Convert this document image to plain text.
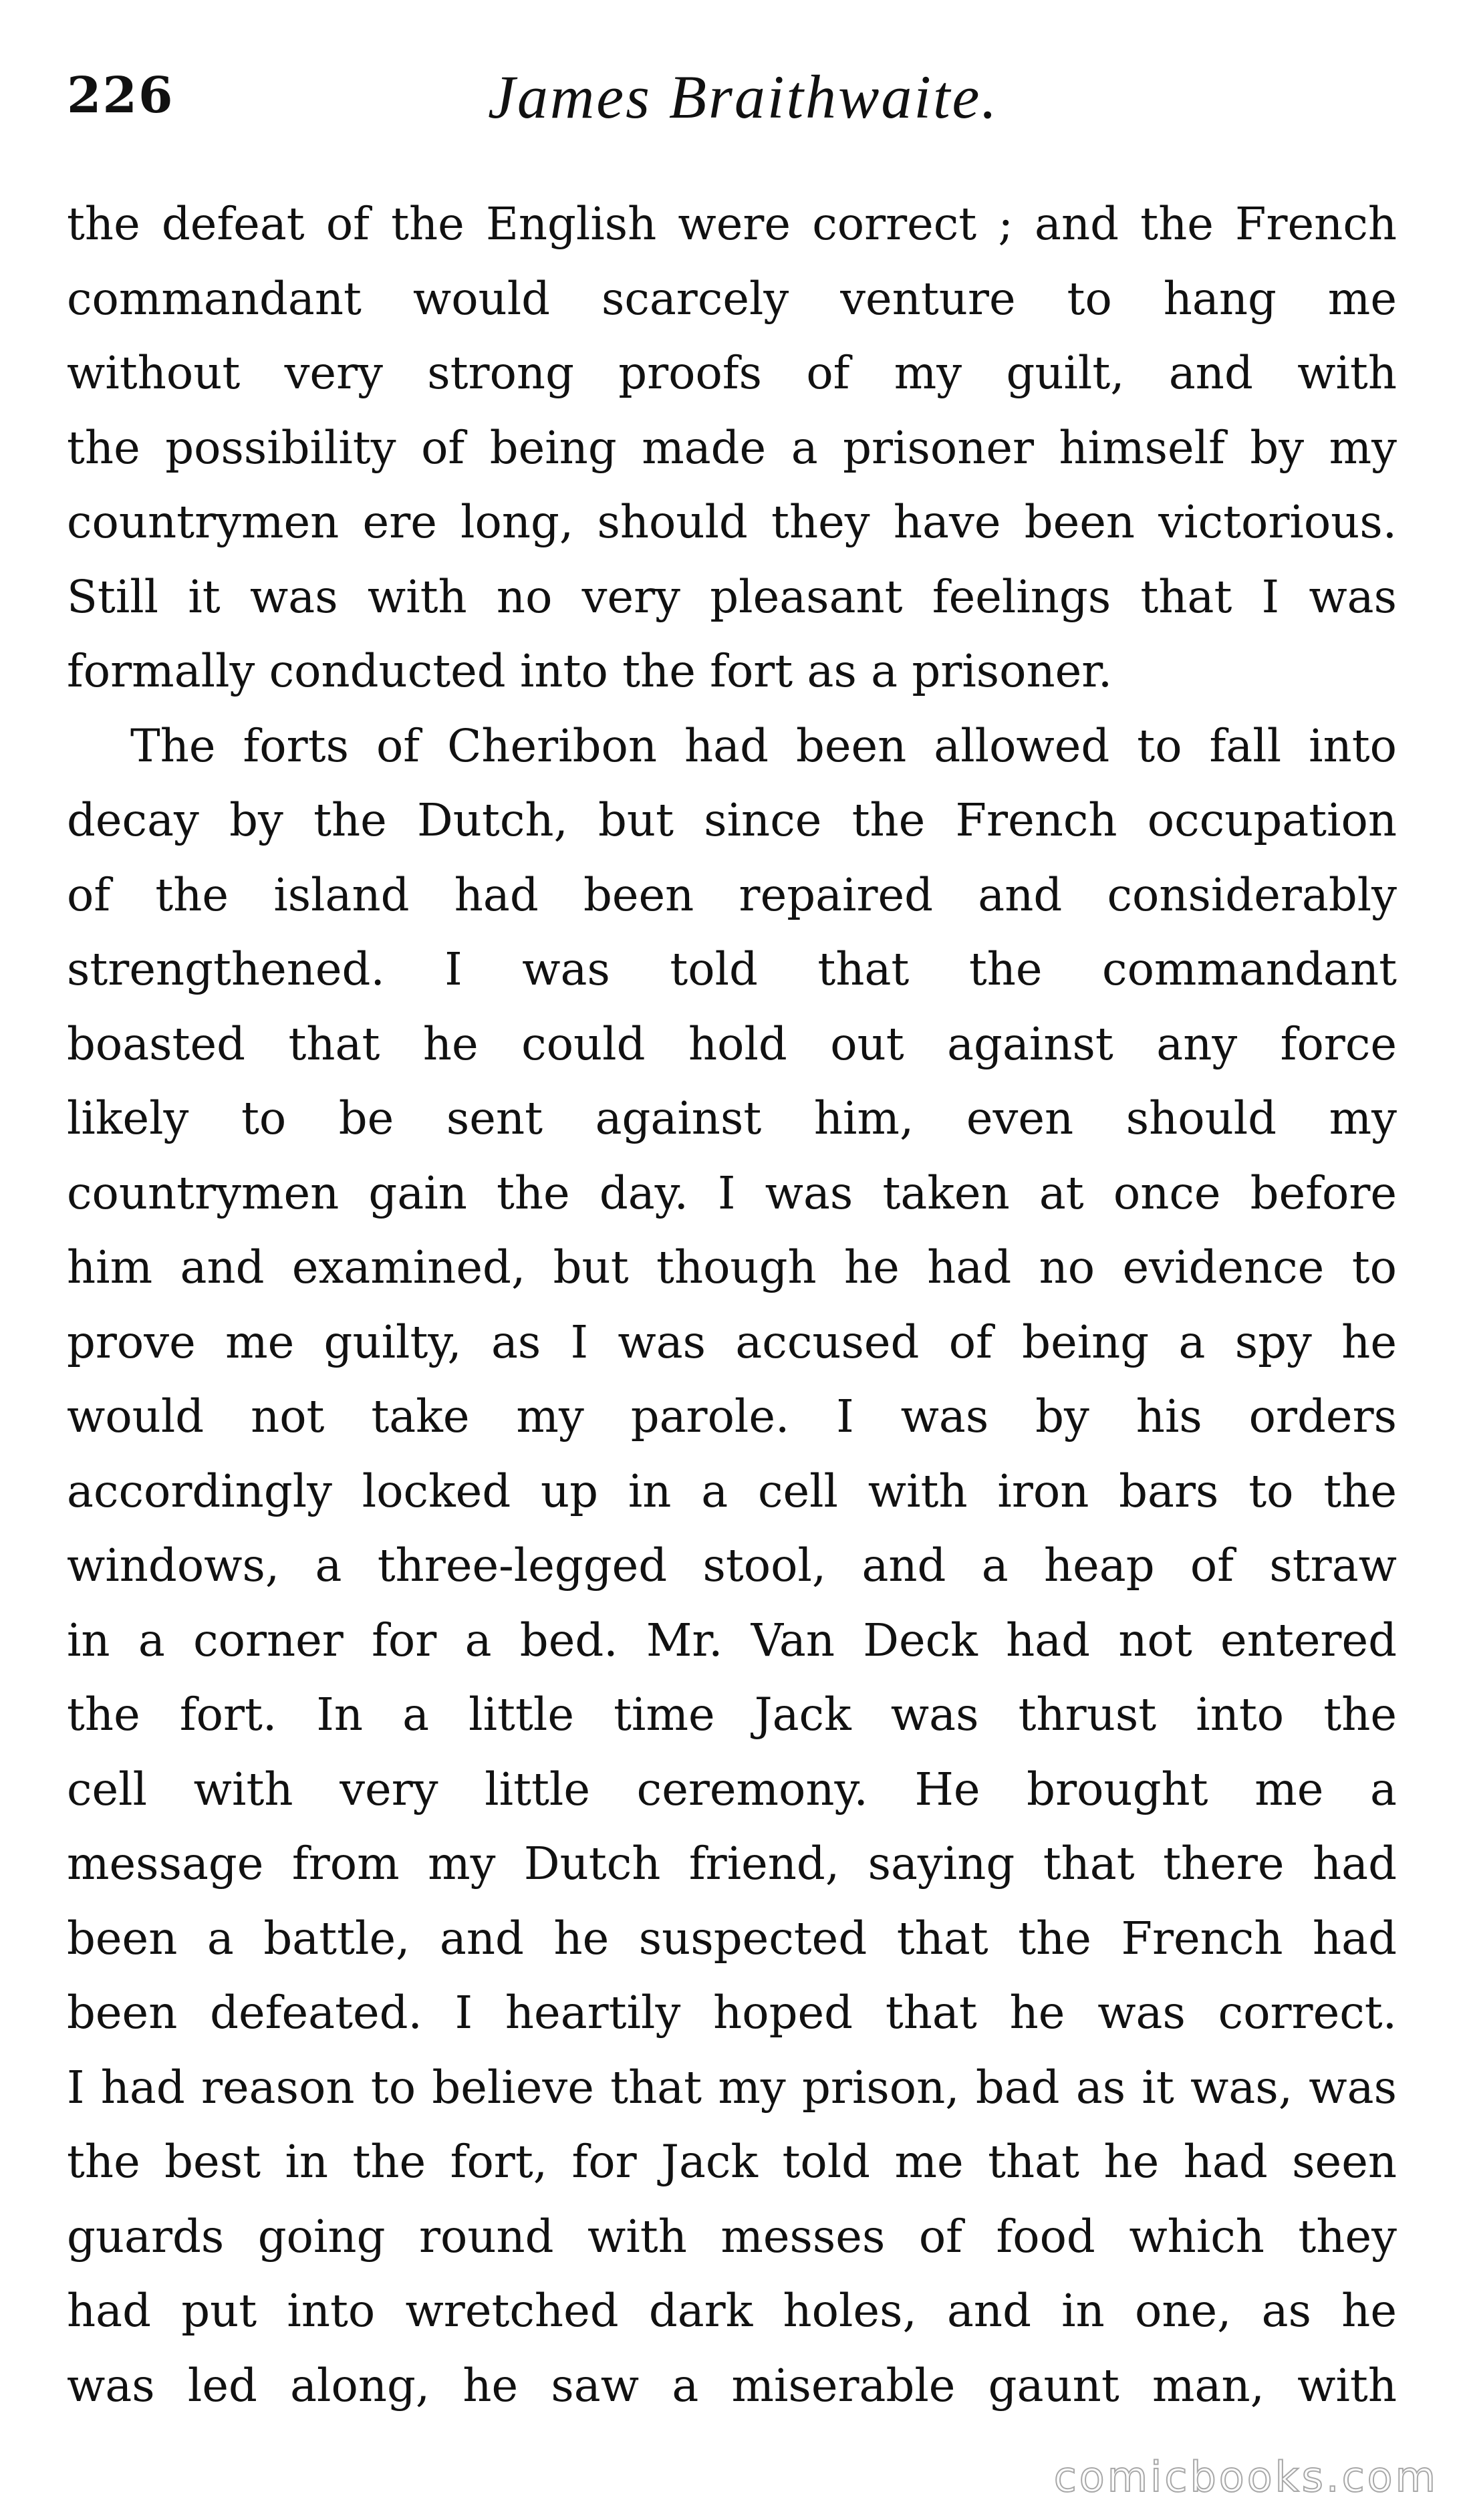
226	James Braithwaite.
the defeat of the English were correct ; and the French
commandant would scarcely venture to hang me
without very strong proofs of my guilt, and with
the possibility of being made a prisoner himself by my
countrymen ere long, should they have been victorious.
Still it was with no very pleasant feelings that I was
formally conducted into the fort as a prisoner.
The forts of Cheribon had been allowed to fall into
decay by the Dutch, but since the French occupation
of the island had been repaired and considerably
strengthened. I was told that the commandant
boasted that he could hold out against any force
likely to be sent against him, even should my
countrymen gain the day. I was taken at once before
him and examined, but though he had no evidence to
prove me guilty, as I was accused of being a spy he
would not take my parole. I was by his orders
accordingly locked up in a cell with iron bars to the
windows, a three-legged stool, and a heap of straw
in a corner for a bed. Mr. Van Deck had not entered
the fort. In a little time Jack was thrust into the
cell with very little ceremony. He brought me a
message from my Dutch friend, saying that there had
been a battle, and he suspected that the French had
been defeated. I heartily hoped that he was correct.
I had reason to believe that my prison, bad as it was, was
the best in the fort, for Jack told me that he had seen
guards going round with messes of food which they
had put into wretched dark holes, and in one, as he
was led along, he saw a miserable gaunt man, with
comicbooks.com
